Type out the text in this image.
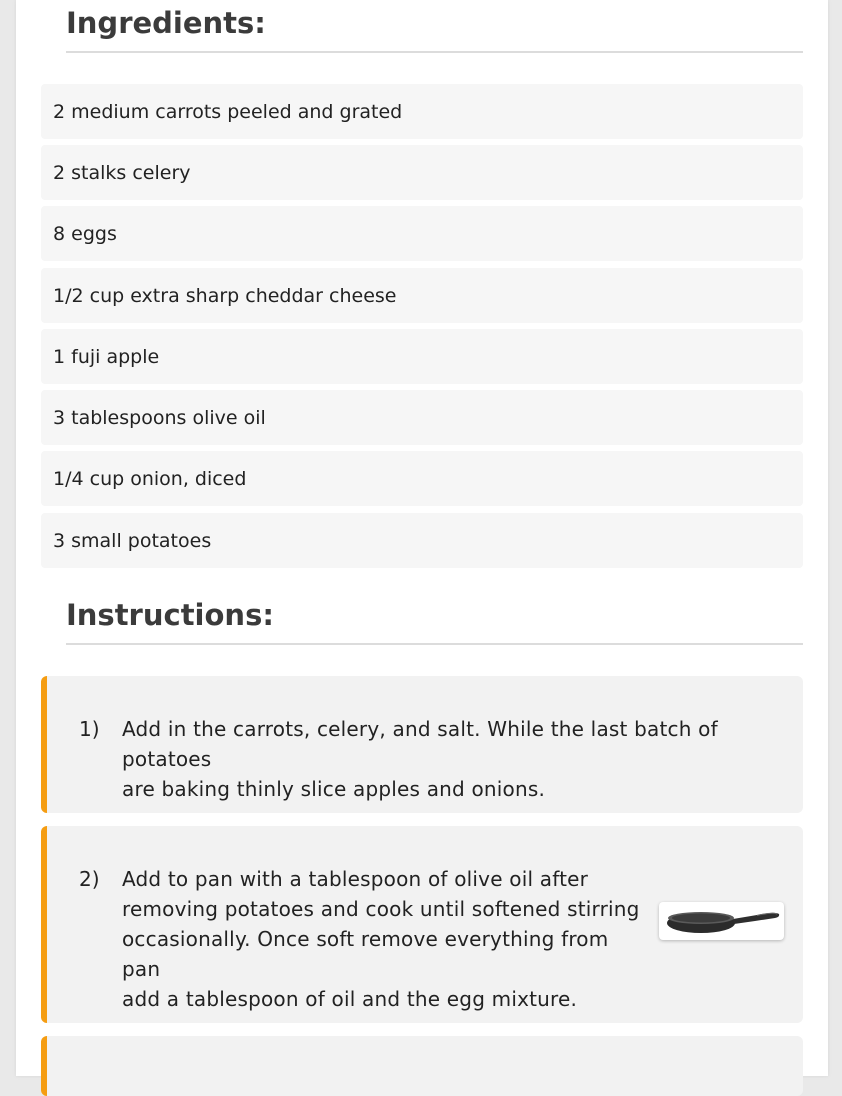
Ingredients:
2 medium carrots peeled and grated
2 stalks celery
8 eggs
1/2 cup extra sharp cheddar cheese
1 fuji apple
3 tablespoons olive oil
1/4 cup onion, diced
3 small potatoes
Instructions:
1) Add in the carrots, celery, and salt. While the last batch of potatoes
are baking thinly slice apples and onions.
2) Add to pan with a tablespoon of olive oil after
removing potatoes and cook until softened stirring
occasionally. Once soft remove everything from pan
add a tablespoon of oil and the egg mixture.
